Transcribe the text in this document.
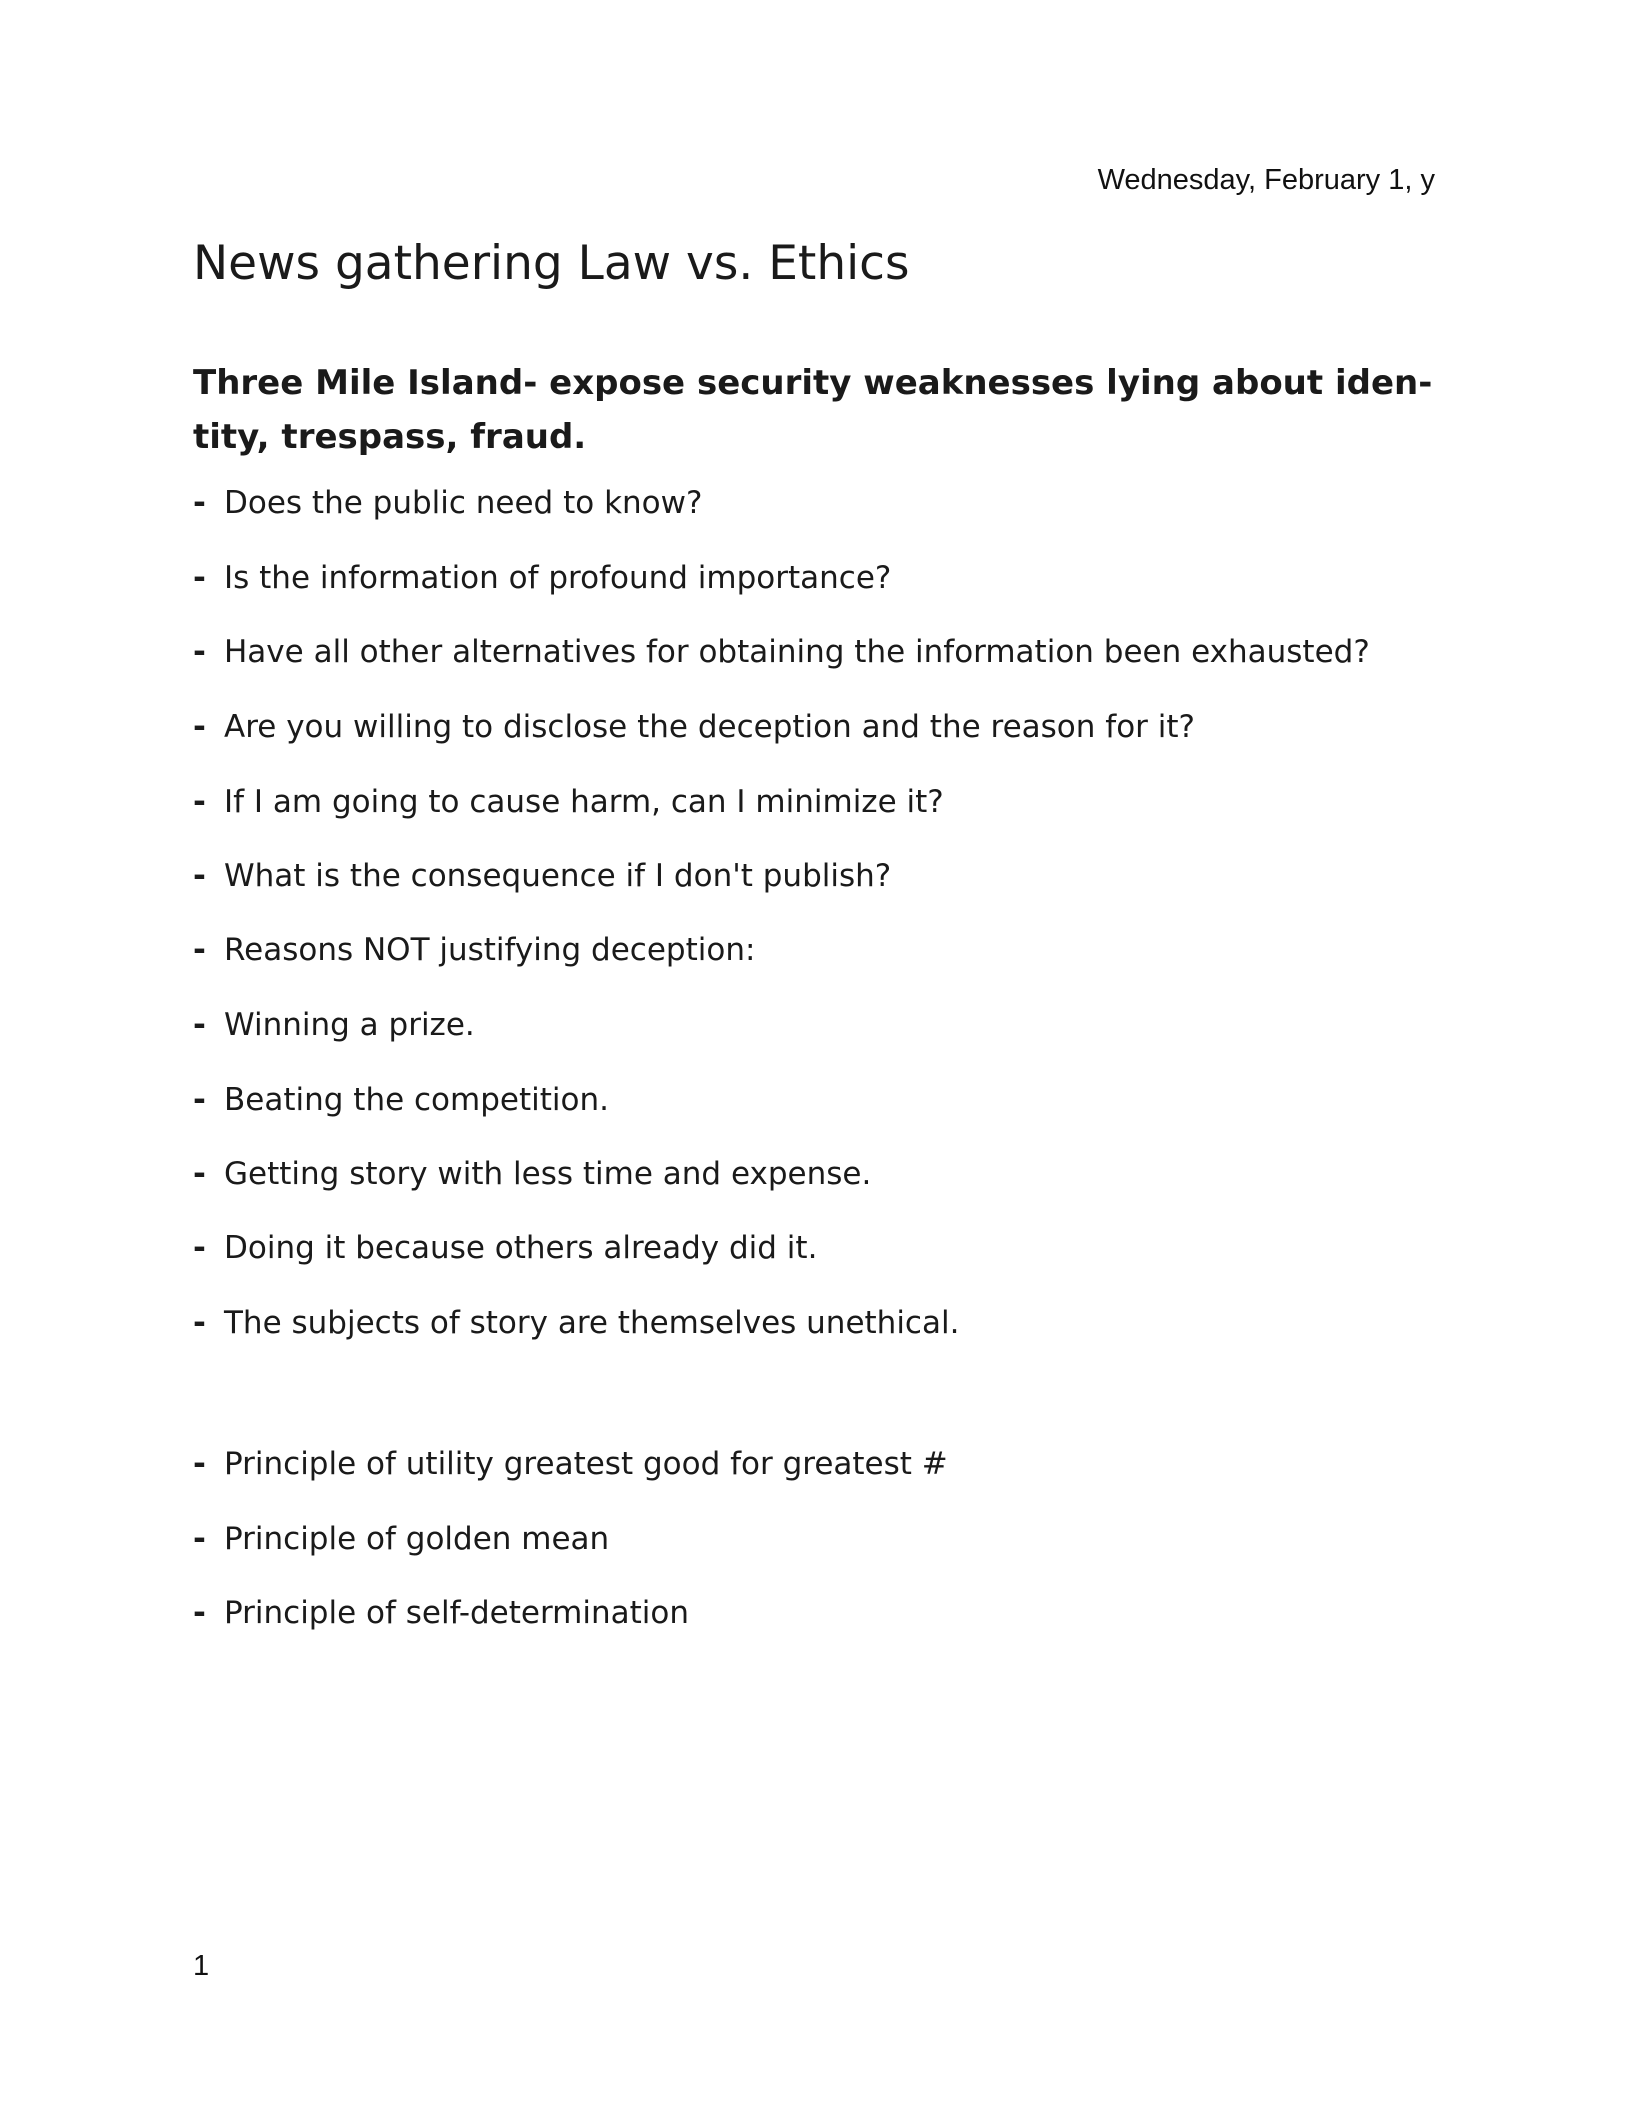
Wednesday, February 1, y
News gathering Law vs. Ethics
Three Mile Island- expose security weaknesses lying about iden-
tity, trespass, fraud.
- Does the public need to know?
- Is the information of profound importance?
- Have all other alternatives for obtaining the information been exhausted?
- Are you willing to disclose the deception and the reason for it?
- If I am going to cause harm, can I minimize it?
- What is the consequence if I don't publish?
- Reasons NOT justifying deception:
- Winning a prize.
- Beating the competition.
- Getting story with less time and expense.
- Doing it because others already did it.
- The subjects of story are themselves unethical.
- Principle of utility greatest good for greatest #
- Principle of golden mean
- Principle of self-determination
1
